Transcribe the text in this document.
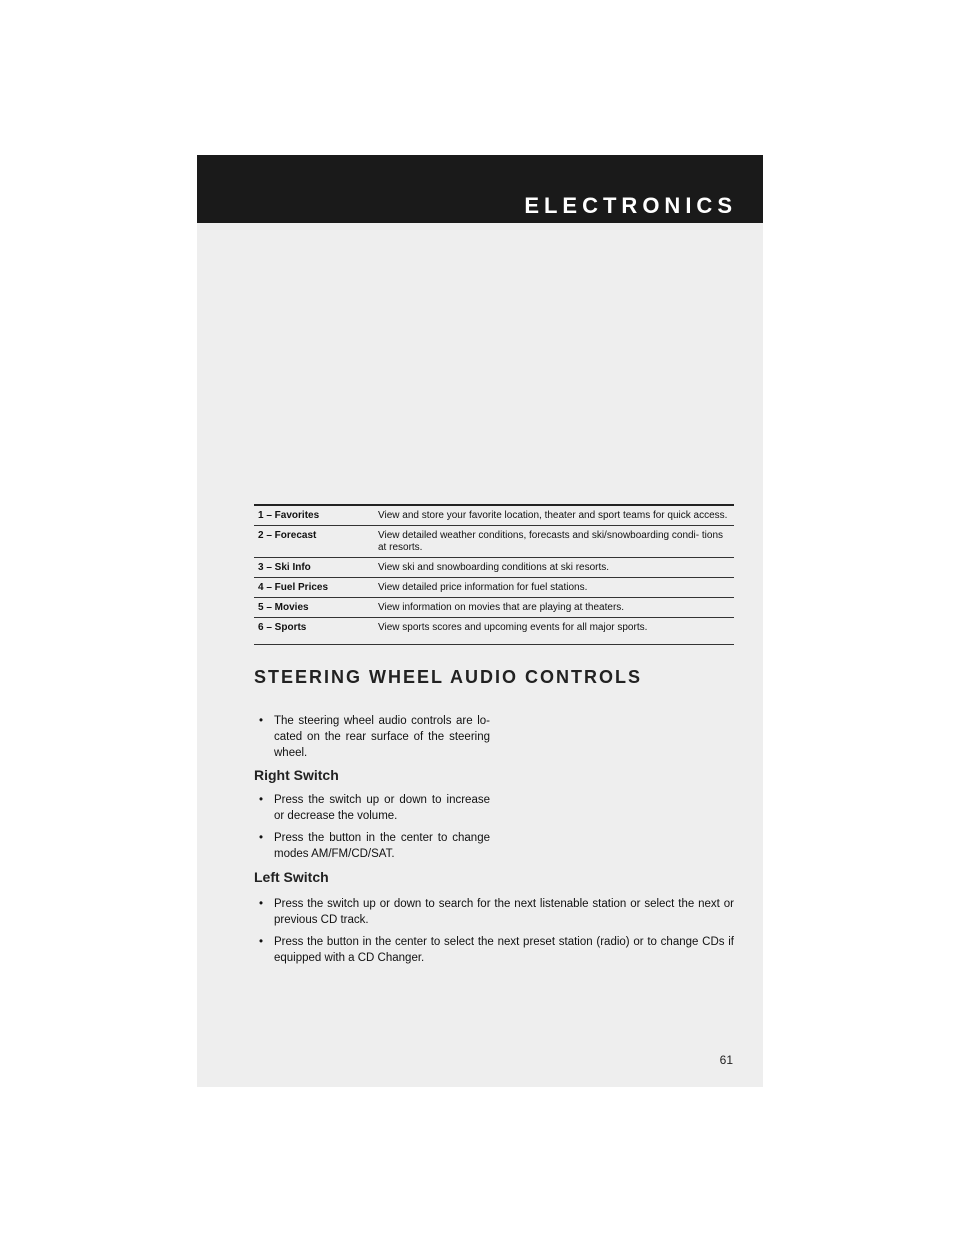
ELECTRONICS
1 – Favorites	View and store your favorite location, theater and sport teams for quick access.
2 – Forecast	View detailed weather conditions, forecasts and ski/snowboarding condi- tions at resorts.
3 – Ski Info	View ski and snowboarding conditions at ski resorts.
4 – Fuel Prices	View detailed price information for fuel stations.
5 – Movies	View information on movies that are playing at theaters.
6 – Sports	View sports scores and upcoming events for all major sports.
STEERING WHEEL AUDIO CONTROLS
• The steering wheel audio controls are lo- cated on the rear surface of the steering wheel.
Right Switch
• Press the switch up or down to increase or decrease the volume.
• Press the button in the center to change modes AM/FM/CD/SAT.
Left Switch
• Press the switch up or down to search for the next listenable station or select the next or previous CD track.
• Press the button in the center to select the next preset station (radio) or to change CDs if equipped with a CD Changer.
61
